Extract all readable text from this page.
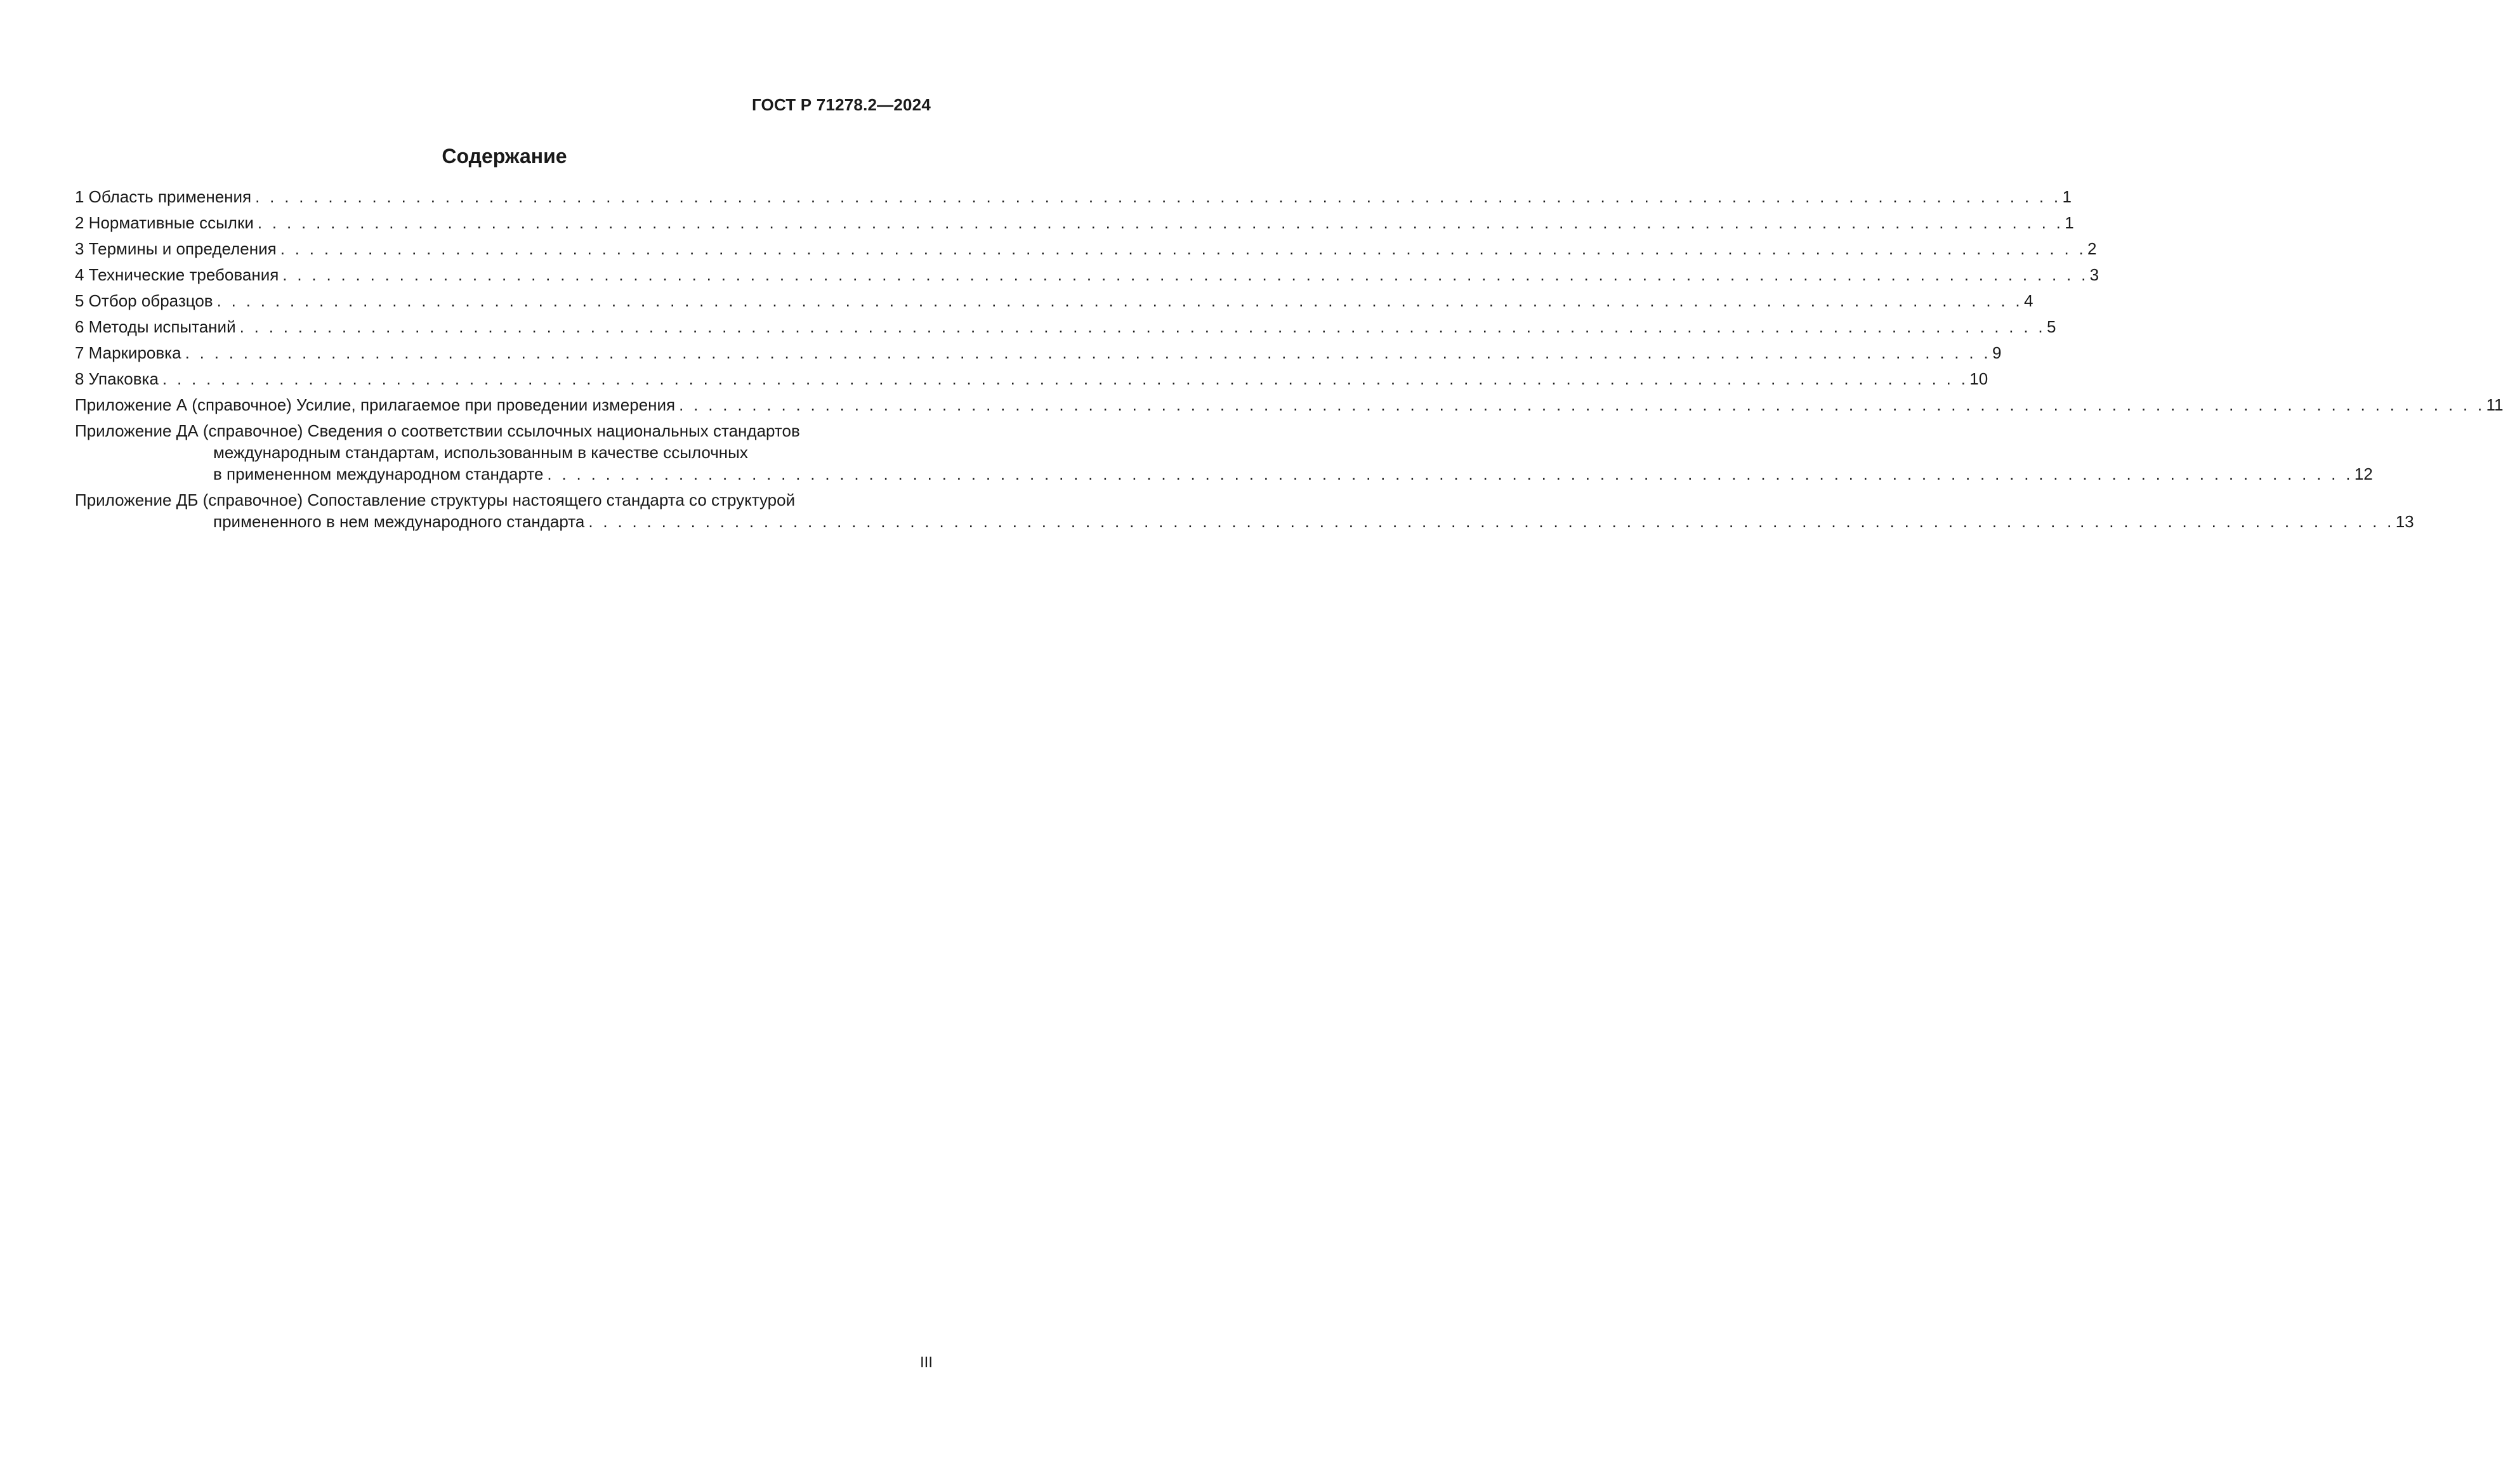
ГОСТ Р 71278.2—2024
Содержание
1 Область применения . . . . . . . . . . . . . . . . . . . . . . . . . . . . . . . . . . . . . . . . . . . . . . . . . . . . . . . . . . . . . . . . . . . . . . . . . . . . . . . . . . . . . . . . . . . . . . . . . . . . . . . . . . . . . . . . . . . . . . . . . . . . 1
2 Нормативные ссылки . . . . . . . . . . . . . . . . . . . . . . . . . . . . . . . . . . . . . . . . . . . . . . . . . . . . . . . . . . . . . . . . . . . . . . . . . . . . . . . . . . . . . . . . . . . . . . . . . . . . . . . . . . . . . . . . . . . . . . . . . . . . 1
3 Термины и определения . . . . . . . . . . . . . . . . . . . . . . . . . . . . . . . . . . . . . . . . . . . . . . . . . . . . . . . . . . . . . . . . . . . . . . . . . . . . . . . . . . . . . . . . . . . . . . . . . . . . . . . . . . . . . . . . . . . . . . . . . . . . 2
4 Технические требования . . . . . . . . . . . . . . . . . . . . . . . . . . . . . . . . . . . . . . . . . . . . . . . . . . . . . . . . . . . . . . . . . . . . . . . . . . . . . . . . . . . . . . . . . . . . . . . . . . . . . . . . . . . . . . . . . . . . . . . . . . . . 3
5 Отбор образцов . . . . . . . . . . . . . . . . . . . . . . . . . . . . . . . . . . . . . . . . . . . . . . . . . . . . . . . . . . . . . . . . . . . . . . . . . . . . . . . . . . . . . . . . . . . . . . . . . . . . . . . . . . . . . . . . . . . . . . . . . . . . 4
6 Методы испытаний . . . . . . . . . . . . . . . . . . . . . . . . . . . . . . . . . . . . . . . . . . . . . . . . . . . . . . . . . . . . . . . . . . . . . . . . . . . . . . . . . . . . . . . . . . . . . . . . . . . . . . . . . . . . . . . . . . . . . . . . . . . . 5
7 Маркировка . . . . . . . . . . . . . . . . . . . . . . . . . . . . . . . . . . . . . . . . . . . . . . . . . . . . . . . . . . . . . . . . . . . . . . . . . . . . . . . . . . . . . . . . . . . . . . . . . . . . . . . . . . . . . . . . . . . . . . . . . . . . 9
8 Упаковка . . . . . . . . . . . . . . . . . . . . . . . . . . . . . . . . . . . . . . . . . . . . . . . . . . . . . . . . . . . . . . . . . . . . . . . . . . . . . . . . . . . . . . . . . . . . . . . . . . . . . . . . . . . . . . . . . . . . . . . . . . . . 10
Приложение А (справочное) Усилие, прилагаемое при проведении измерения . . . . . . . . . . . . . . . . . . . . . . . . . . . . . . . . . . . . . . . . . . . . . . . . . . . . . . . . . . . . . . . . . . . . . . . . . . . . . . . . . . . . . . . . . . . . . . . . . . . . . . . . . . . . . . . . . . . . . . . . . . . . 11
Приложение ДА (справочное) Сведения о соответствии ссылочных национальных стандартов
международным стандартам, использованным в качестве ссылочных
в примененном международном стандарте . . . . . . . . . . . . . . . . . . . . . . . . . . . . . . . . . . . . . . . . . . . . . . . . . . . . . . . . . . . . . . . . . . . . . . . . . . . . . . . . . . . . . . . . . . . . . . . . . . . . . . . . . . . . . . . . . . . . . . . . . . . . 12
Приложение ДБ (справочное) Сопоставление структуры настоящего стандарта со структурой
примененного в нем международного стандарта . . . . . . . . . . . . . . . . . . . . . . . . . . . . . . . . . . . . . . . . . . . . . . . . . . . . . . . . . . . . . . . . . . . . . . . . . . . . . . . . . . . . . . . . . . . . . . . . . . . . . . . . . . . . . . . . . . . . . . . . . . . . 13
III
